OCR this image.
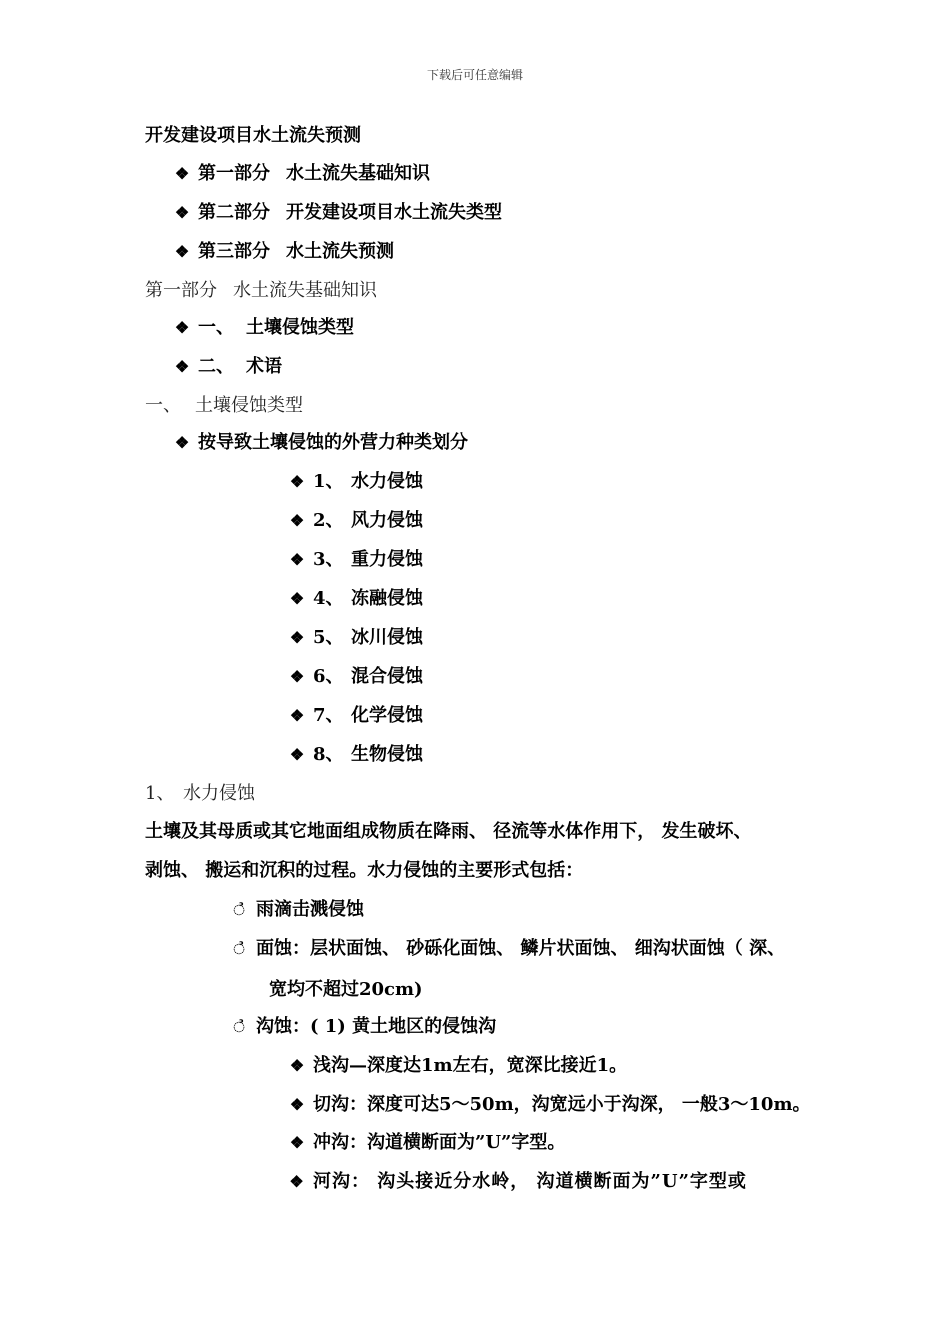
下载后可任意编辑
开发建设项目水土流失预测
❖ 第一部分 水土流失基础知识
❖ 第二部分 开发建设项目水土流失类型
❖ 第三部分 水土流失预测
第一部分 水土流失基础知识
❖ 一、 土壤侵蚀类型
❖ 二、 术语
一、 土壤侵蚀类型
❖ 按导致土壤侵蚀的外营力种类划分
❖ 1、 水力侵蚀
❖ 2、 风力侵蚀
❖ 3、 重力侵蚀
❖ 4、 冻融侵蚀
❖ 5、 冰川侵蚀
❖ 6、 混合侵蚀
❖ 7、 化学侵蚀
❖ 8、 生物侵蚀
1、 水力侵蚀
土壤及其母质或其它地面组成物质在降雨、 径流等水体作用下， 发生破坏、
剥蚀、 搬运和沉积的过程。水力侵蚀的主要形式包括：
ૺ 雨滴击溅侵蚀
ૺ 面蚀：层状面蚀、 砂砾化面蚀、 鳞片状面蚀、 细沟状面蚀（ 深、
宽均不超过20cm)
ૺ 沟蚀：( 1) 黄土地区的侵蚀沟
❖ 浅沟—深度达1m左右，宽深比接近1。
❖ 切沟：深度可达5～50m，沟宽远小于沟深， 一般3～10m。
❖ 冲沟：沟道横断面为”U”字型。
❖ 河沟： 沟头接近分水岭， 沟道横断面为”U”字型或
